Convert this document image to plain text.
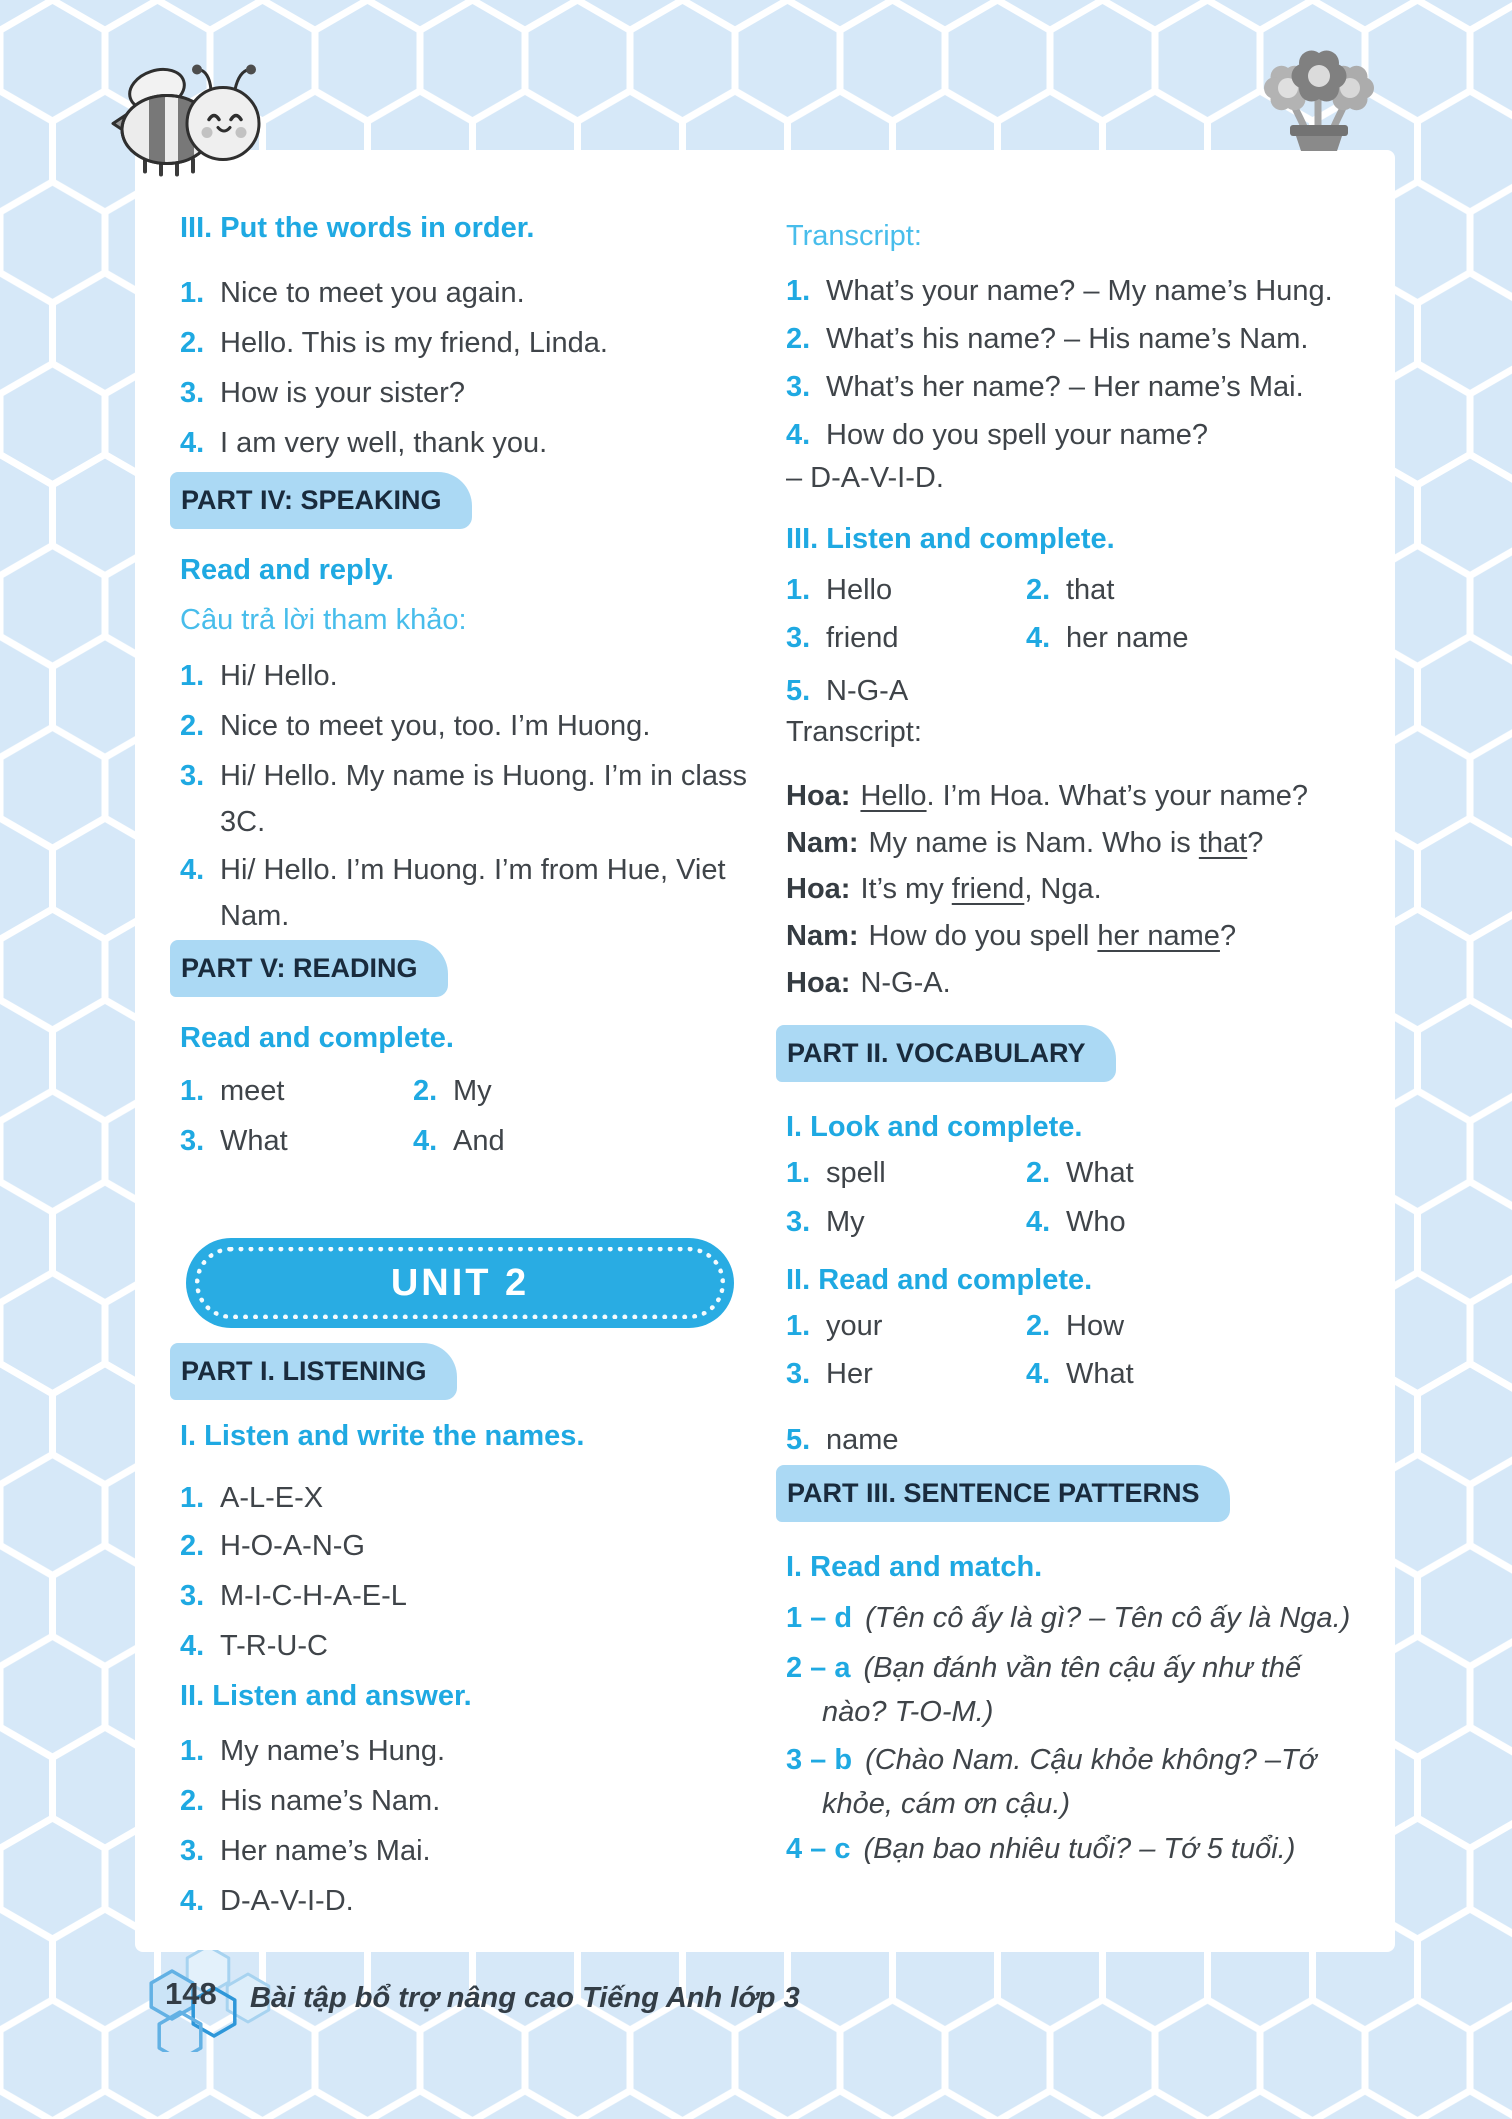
III. Put the words in order.
1. Nice to meet you again.
2. Hello. This is my friend, Linda.
3. How is your sister?
4. I am very well, thank you.
PART IV: SPEAKING
Read and reply.
Câu trả lời tham khảo:
1. Hi/ Hello.
2. Nice to meet you, too. I’m Huong.
3. Hi/ Hello. My name is Huong. I’m in class
3C.
4. Hi/ Hello. I’m Huong. I’m from Hue, Viet
Nam.
PART V: READING
Read and complete.
1. meet	2. My
3. What	4. And
UNIT 2
PART I. LISTENING
I. Listen and write the names.
1. A-L-E-X
2. H-O-A-N-G
3. M-I-C-H-A-E-L
4. T-R-U-C
II. Listen and answer.
1. My name’s Hung.
2. His name’s Nam.
3. Her name’s Mai.
4. D-A-V-I-D.
Transcript:
1. What’s your name? – My name’s Hung.
2. What’s his name? – His name’s Nam.
3. What’s her name? – Her name’s Mai.
4. How do you spell your name?
– D-A-V-I-D.
III. Listen and complete.
1. Hello	2. that
3. friend	4. her name
5. N-G-A
Transcript:
Hoa: Hello. I’m Hoa. What’s your name?
Nam: My name is Nam. Who is that?
Hoa: It’s my friend, Nga.
Nam: How do you spell her name?
Hoa: N-G-A.
PART II. VOCABULARY
I. Look and complete.
1. spell	2. What
3. My	4. Who
II. Read and complete.
1. your	2. How
3. Her	4. What
5. name
PART III. SENTENCE PATTERNS
I. Read and match.
1 – d (Tên cô ấy là gì? – Tên cô ấy là Nga.)
2 – a (Bạn đánh vần tên cậu ấy như thế
nào? T-O-M.)
3 – b (Chào Nam. Cậu khỏe không? –Tớ
khỏe, cám ơn cậu.)
4 – c (Bạn bao nhiêu tuổi? – Tớ 5 tuổi.)
148 Bài tập bổ trợ nâng cao Tiếng Anh lớp 3
